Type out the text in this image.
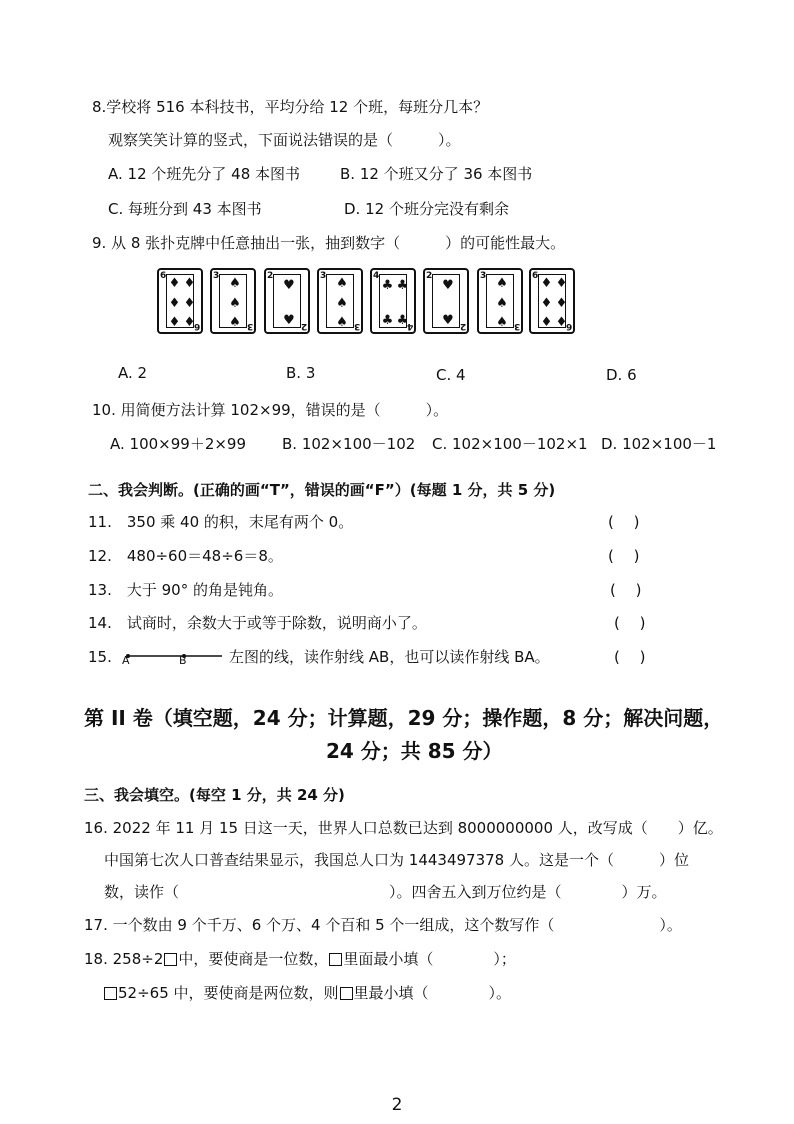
8.学校将 516 本科技书，平均分给 12 个班，每班分几本？
观察笑笑计算的竖式，下面说法错误的是（　　　）。
A. 12 个班先分了 48 本图书	B. 12 个班又分了 36 本图书
C. 每班分到 43 本图书	D. 12 个班分完没有剩余
9. 从 8 张扑克牌中任意抽出一张，抽到数字（　　　）的可能性最大。
6
6
♦ ♦
♦ ♦
♦ ♦
3
3
♠
♠
♠
2
2
♥
♥
3
3
♠
♠
♠
4
4
♣ ♣
♣ ♣
2
2
♥
♥
3
3
♠
♠
♠
6
6
♦ ♦
♦ ♦
♦ ♦
A. 2	B. 3	C. 4	D. 6
10. 用简便方法计算 102×99，错误的是（　　　）。
A. 100×99＋2×99 B. 102×100－102 C. 102×100－102×1 D. 102×100－1
二、我会判断。(正确的画“T”，错误的画“F”）(每题 1 分，共 5 分)
11.　350 乘 40 的积，末尾有两个 0。	(　 )
12.　480÷60＝48÷6＝8。	(　 )
13.　大于 90° 的角是钝角。	(　 )
14.　试商时，余数大于或等于除数，说明商小了。	(　 )
15. A	B	左图的线，读作射线 AB，也可以读作射线 BA。	(　 )
第 II 卷（填空题，24 分；计算题，29 分；操作题，8 分；解决问题，
24 分；共 85 分）
三、我会填空。(每空 1 分，共 24 分)
16. 2022 年 11 月 15 日这一天，世界人口总数已达到 8000000000 人，改写成（　　）亿。
中国第七次人口普查结果显示，我国总人口为 1443497378 人。这是一个（　　　）位
数，读作（　　　　　　　　　　　　　　）。四舍五入到万位约是（　　　　）万。
17. 一个数由 9 个千万、6 个万、4 个百和 5 个一组成，这个数写作（　　　　　　　）。
18. 258÷2 中，要使商是一位数， 里面最小填（　　　　）；
52÷65 中，要使商是两位数，则 里最小填（　　　　）。
2
